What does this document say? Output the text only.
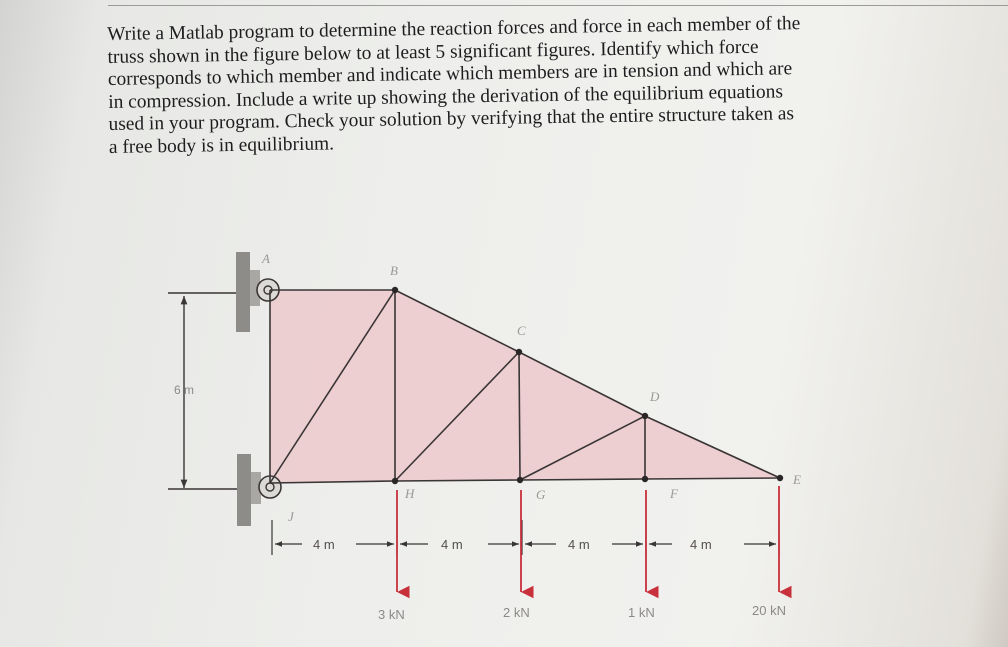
Write a Matlab program to determine the reaction forces and force in each member of the
truss shown in the figure below to at least 5 significant figures. Identify which force
corresponds to which member and indicate which members are in tension and which are
in compression. Include a write up showing the derivation of the equilibrium equations
used in your program. Check your solution by verifying that the entire structure taken as
a free body is in equilibrium.
6 m
4 m	4 m	4 m	4 m
3 kN	2 kN	1 kN	20 kN
A
B
C
D
E
F
G
H
J
